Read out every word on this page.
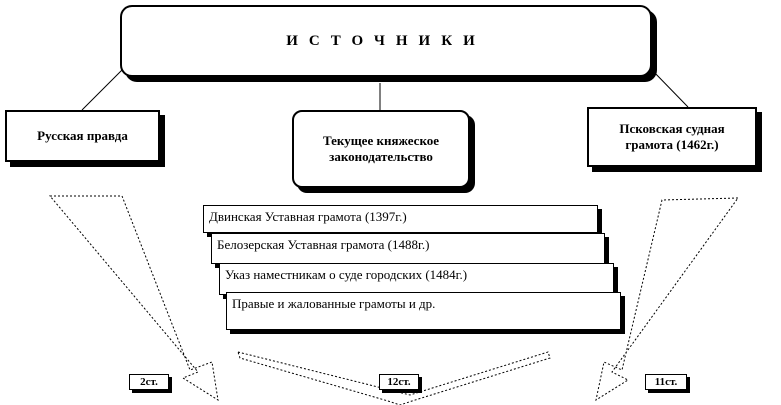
ИСТОЧНИКИ
Русская правда	Текущее княжеское законодательство
Псковская судная грамота (1462г.)
Двинская Уставная грамота (1397г.)
Белозерская Уставная грамота (1488г.)
Указ наместникам о суде городских (1484г.)
Правые и жалованные грамоты и др.
2ст.	12ст.	11ст.
